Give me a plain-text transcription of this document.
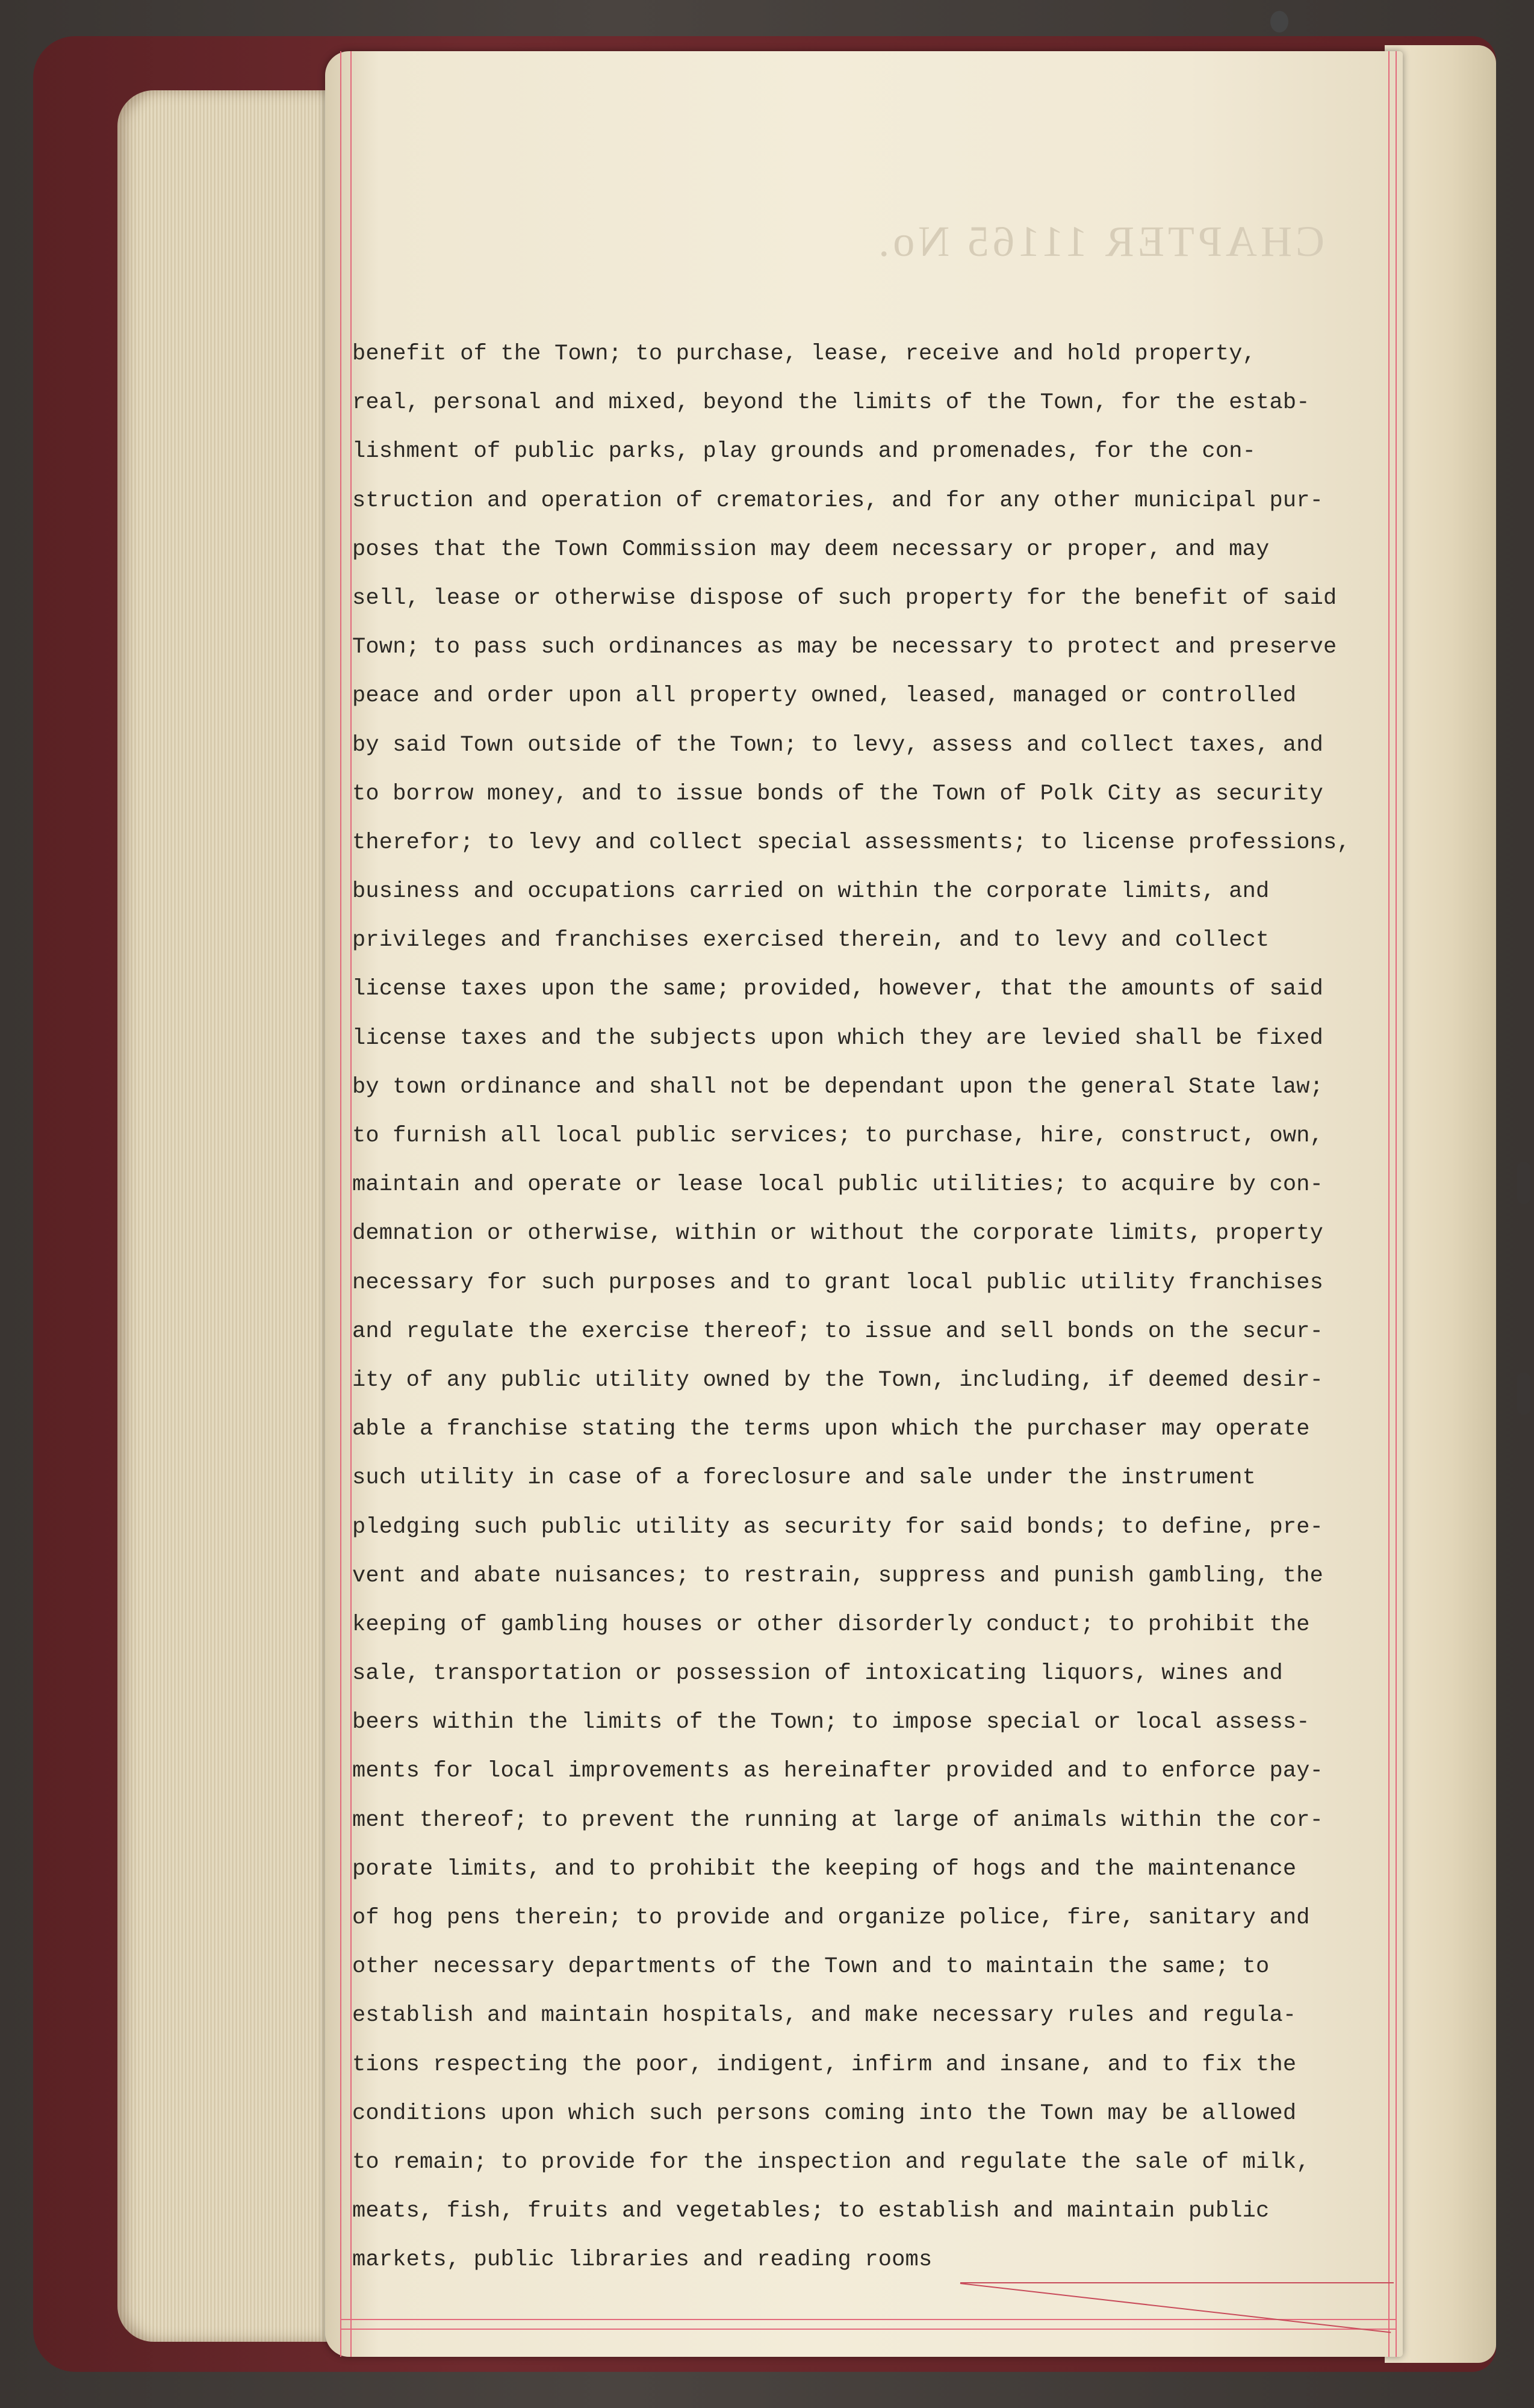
CHAPTER 11165 No.
benefit of the Town; to purchase, lease, receive and hold property,
real, personal and mixed, beyond the limits of the Town, for the estab-
lishment of public parks, play grounds and promenades, for the con-
struction and operation of crematories, and for any other municipal pur-
poses that the Town Commission may deem necessary or proper, and may
sell, lease or otherwise dispose of such property for the benefit of said
Town; to pass such ordinances as may be necessary to protect and preserve
peace and order upon all property owned, leased, managed or controlled
by said Town outside of the Town; to levy, assess and collect taxes, and
to borrow money, and to issue bonds of the Town of Polk City as security
therefor; to levy and collect special assessments; to license professions,
business and occupations carried on within the corporate limits, and
privileges and franchises exercised therein, and to levy and collect
license taxes upon the same; provided, however, that the amounts of said
license taxes and the subjects upon which they are levied shall be fixed
by town ordinance and shall not be dependant upon the general State law;
to furnish all local public services; to purchase, hire, construct, own,
maintain and operate or lease local public utilities; to acquire by con-
demnation or otherwise, within or without the corporate limits, property
necessary for such purposes and to grant local public utility franchises
and regulate the exercise thereof; to issue and sell bonds on the secur-
ity of any public utility owned by the Town, including, if deemed desir-
able a franchise stating the terms upon which the purchaser may operate
such utility in case of a foreclosure and sale under the instrument
pledging such public utility as security for said bonds; to define, pre-
vent and abate nuisances; to restrain, suppress and punish gambling, the
keeping of gambling houses or other disorderly conduct; to prohibit the
sale, transportation or possession of intoxicating liquors, wines and
beers within the limits of the Town; to impose special or local assess-
ments for local improvements as hereinafter provided and to enforce pay-
ment thereof; to prevent the running at large of animals within the cor-
porate limits, and to prohibit the keeping of hogs and the maintenance
of hog pens therein; to provide and organize police, fire, sanitary and
other necessary departments of the Town and to maintain the same; to
establish and maintain hospitals, and make necessary rules and regula-
tions respecting the poor, indigent, infirm and insane, and to fix the
conditions upon which such persons coming into the Town may be allowed
to remain; to provide for the inspection and regulate the sale of milk,
meats, fish, fruits and vegetables; to establish and maintain public
markets, public libraries and reading rooms
